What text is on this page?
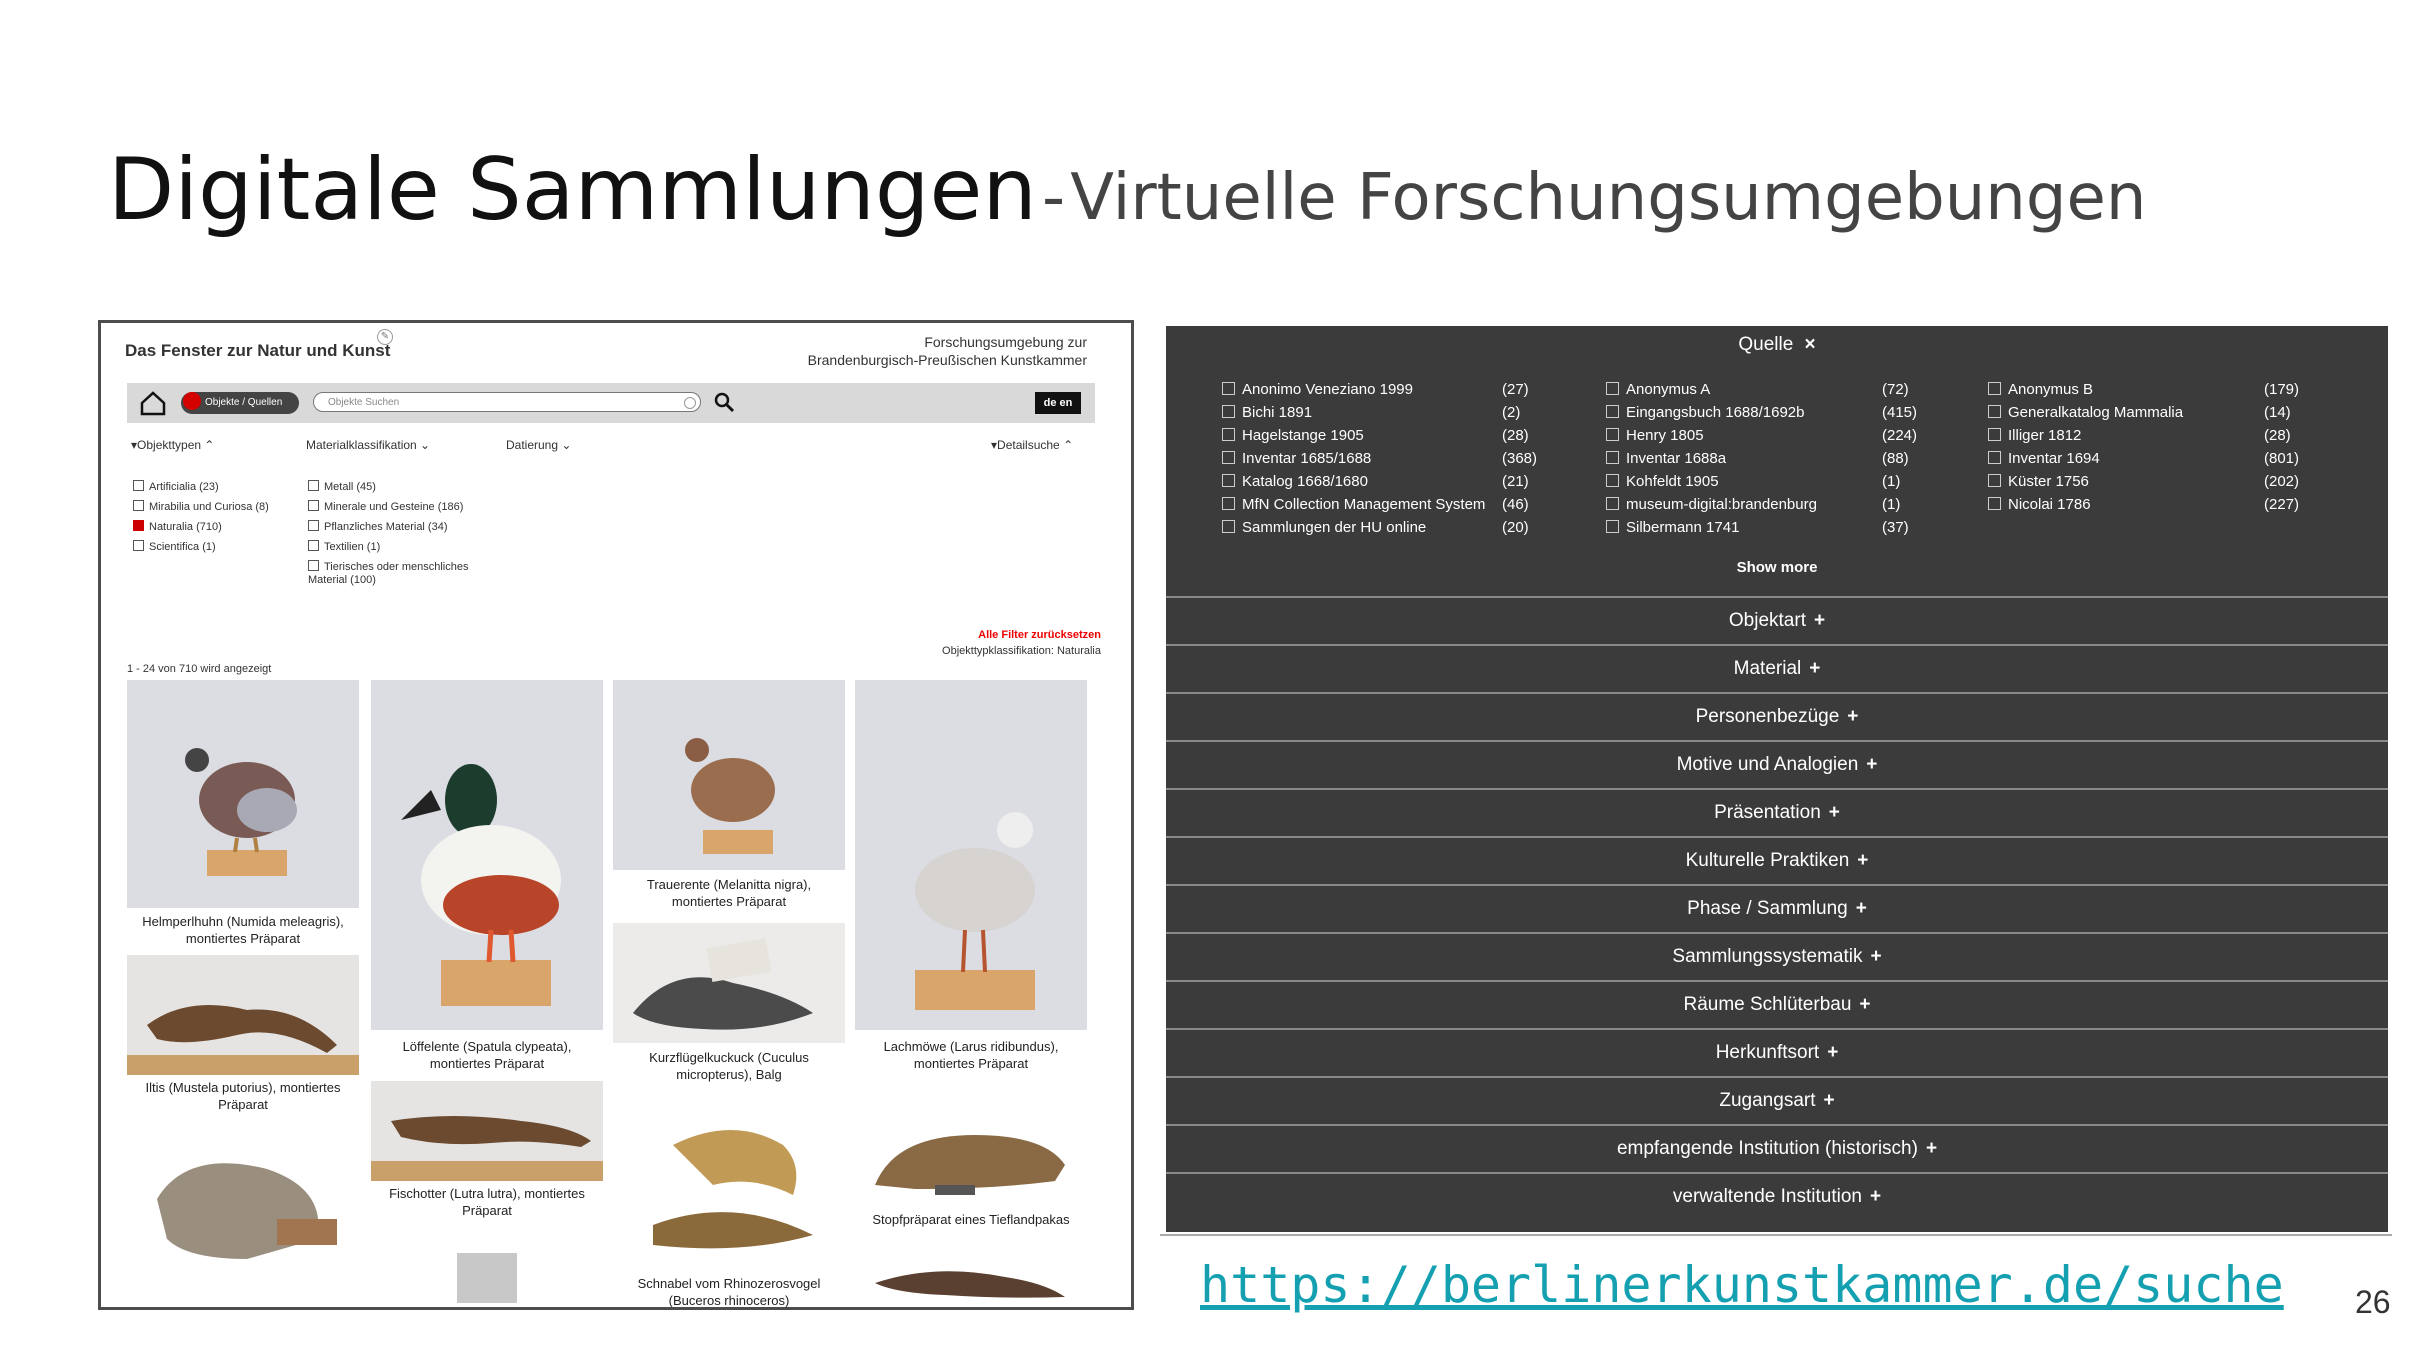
Digitale Sammlungen - Virtuelle Forschungsumgebungen
Das Fenster zur Natur und Kunst
✎	Forschungsumgebung zur
Brandenburgisch-Preußischen Kunstkammer
Objekte / Quellen	Objekte Suchen	de en
▾Objekttypen ⌃	Materialklassifikation ⌄	Datierung ⌄	▾Detailsuche ⌃
Artificialia (23)
Mirabilia und Curiosa (8)
Naturalia (710)
Scientifica (1)
Metall (45)
Minerale und Gesteine (186)
Pflanzliches Material (34)
Textilien (1)
Tierisches oder menschliches
Material (100)
Alle Filter zurücksetzen
Objekttypklassifikation: Naturalia
1 - 24 von 710 wird angezeigt
Helmperlhuhn (Numida meleagris),
montiertes Präparat
Iltis (Mustela putorius), montiertes
Präparat
Löffelente (Spatula clypeata),
montiertes Präparat
Fischotter (Lutra lutra), montiertes
Präparat
Trauerente (Melanitta nigra),
montiertes Präparat
Kurzflügelkuckuck (Cuculus
micropterus), Balg
Schnabel vom Rhinozerosvogel
(Buceros rhinoceros)
Lachmöwe (Larus ridibundus),
montiertes Präparat
Stopfpräparat eines Tieflandpakas
Quelle ×
Anonimo Veneziano 1999	(27)
Bichi 1891	(2)
Hagelstange 1905	(28)
Inventar 1685/1688	(368)
Katalog 1668/1680	(21)
MfN Collection Management System (46)
Sammlungen der HU online	(20)
Anonymus A	(72)
Eingangsbuch 1688/1692b	(415)
Henry 1805	(224)
Inventar 1688a	(88)
Kohfeldt 1905	(1)
museum-digital:brandenburg	(1)
Silbermann 1741	(37)
Anonymus B	(179)
Generalkatalog Mammalia	(14)
Illiger 1812	(28)
Inventar 1694	(801)
Küster 1756	(202)
Nicolai 1786	(227)
Show more
Objektart +
Material +
Personenbezüge +
Motive und Analogien +
Präsentation +
Kulturelle Praktiken +
Phase / Sammlung +
Sammlungssystematik +
Räume Schlüterbau +
Herkunftsort +
Zugangsart +
empfangende Institution (historisch) +
verwaltende Institution +
https://berlinerkunstkammer.de/suche 26
